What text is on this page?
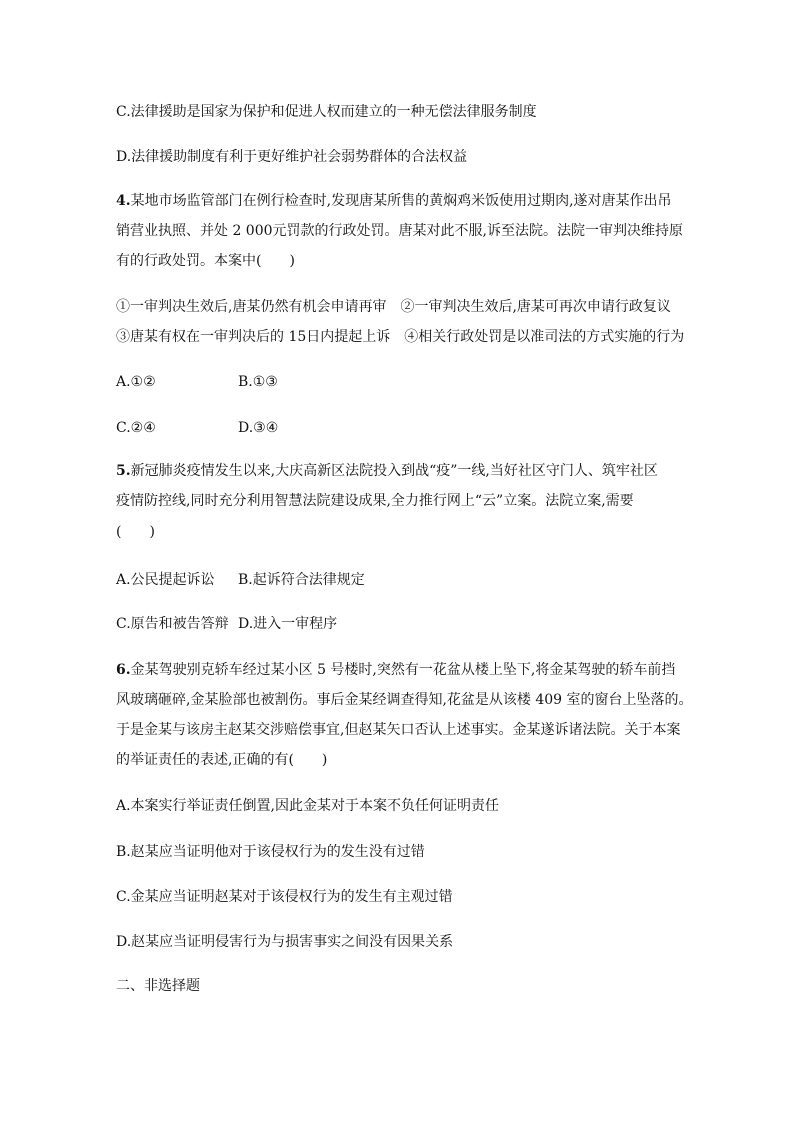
C.法律援助是国家为保护和促进人权而建立的一种无偿法律服务制度
D.法律援助制度有利于更好维护社会弱势群体的合法权益
4.某地市场监管部门在例行检查时,发现唐某所售的黄焖鸡米饭使用过期肉,遂对唐某作出吊
销营业执照、并处 2 000元罚款的行政处罚。唐某对此不服,诉至法院。法院一审判决维持原
有的行政处罚。本案中(　　)
①一审判决生效后,唐某仍然有机会申请再审　②一审判决生效后,唐某可再次申请行政复议
③唐某有权在一审判决后的 15日内提起上诉　④相关行政处罚是以准司法的方式实施的行为
A.①②	B.①③
C.②④	D.③④
5.新冠肺炎疫情发生以来,大庆高新区法院投入到战“疫”一线,当好社区守门人、筑牢社区
疫情防控线,同时充分利用智慧法院建设成果,全力推行网上“云”立案。法院立案,需要
(　　)
A.公民提起诉讼 B.起诉符合法律规定
C.原告和被告答辩 D.进入一审程序
6.金某驾驶别克轿车经过某小区 5 号楼时,突然有一花盆从楼上坠下,将金某驾驶的轿车前挡
风玻璃砸碎,金某脸部也被割伤。事后金某经调查得知,花盆是从该楼 409 室的窗台上坠落的。
于是金某与该房主赵某交涉赔偿事宜,但赵某矢口否认上述事实。金某遂诉诸法院。关于本案
的举证责任的表述,正确的有(　　)
A.本案实行举证责任倒置,因此金某对于本案不负任何证明责任
B.赵某应当证明他对于该侵权行为的发生没有过错
C.金某应当证明赵某对于该侵权行为的发生有主观过错
D.赵某应当证明侵害行为与损害事实之间没有因果关系
二、非选择题
